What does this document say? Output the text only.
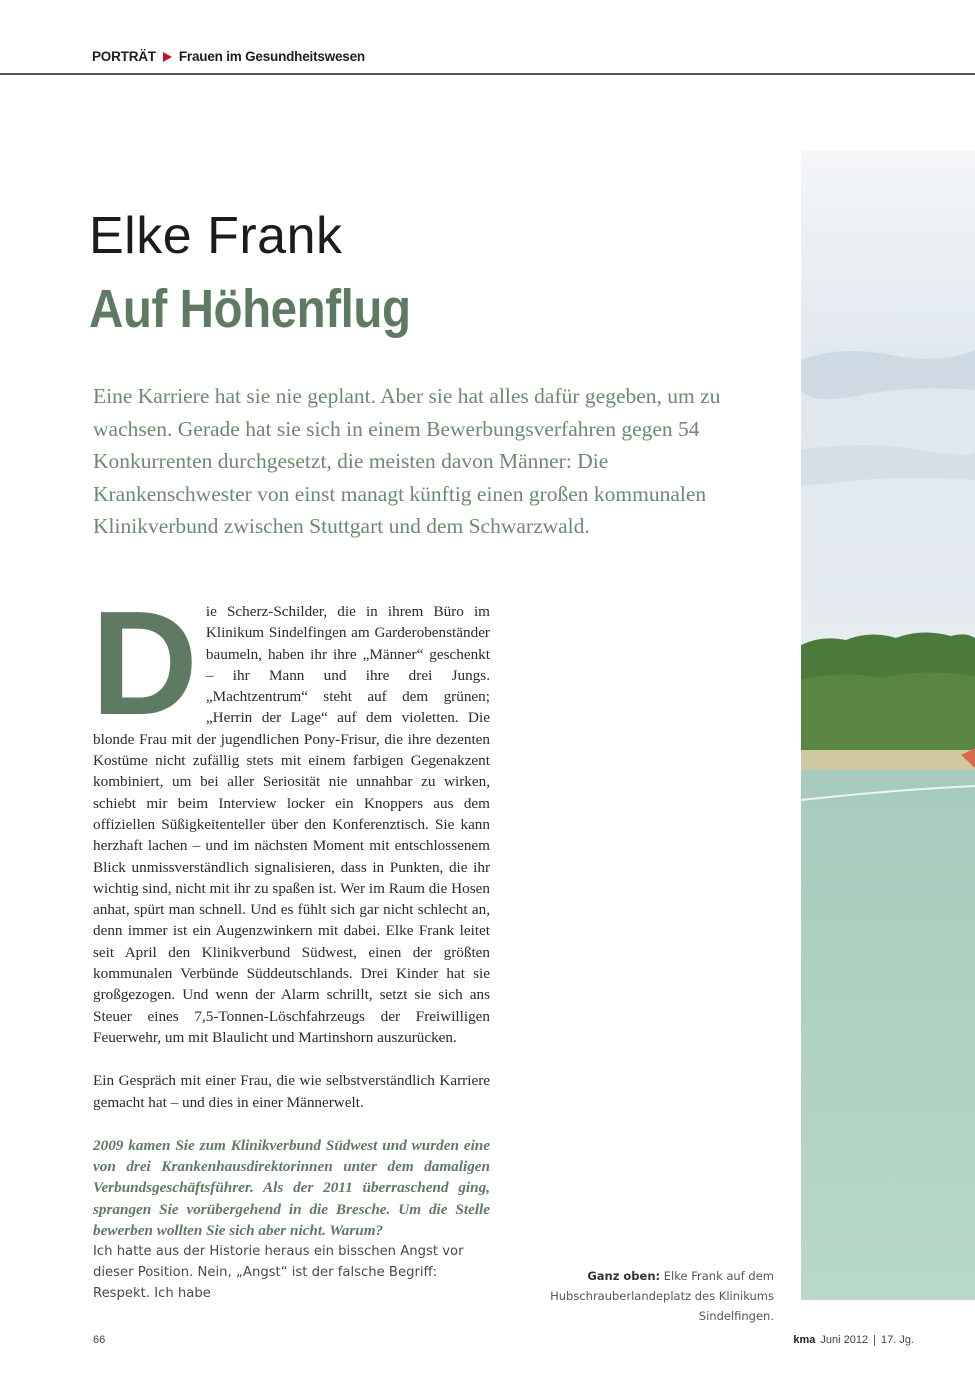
PORTRÄT Frauen im Gesundheitswesen
Elke Frank
Auf Höhenflug

Eine Karriere hat sie nie geplant. Aber sie hat alles dafür gegeben, um zu wachsen. Gerade hat sie sich in einem Bewerbungsverfahren gegen 54 Konkurrenten durchgesetzt, die meisten davon Männer: Die Krankenschwester von einst managt künftig einen großen kommunalen Klinikverbund zwischen Stuttgart und dem Schwarzwald.

Die Scherz-Schilder, die in ihrem Büro im Klinikum Sindelfingen am Garderobenständer baumeln, haben ihr ihre „Männer“ geschenkt – ihr Mann und ihre drei Jungs. „Machtzentrum“ steht auf dem grünen; „Herrin der Lage“ auf dem violetten. Die blonde Frau mit der jugendlichen Pony-Frisur, die ihre dezenten Kostüme nicht zufällig stets mit einem farbigen Gegenakzent kombiniert, um bei aller Seriosität nie unnahbar zu wirken, schiebt mir beim Interview locker ein Knoppers aus dem offiziellen Süßigkeitenteller über den Konferenztisch. Sie kann herzhaft lachen – und im nächsten Moment mit entschlossenem Blick unmissverständlich signalisieren, dass in Punkten, die ihr wichtig sind, nicht mit ihr zu spaßen ist. Wer im Raum die Hosen anhat, spürt man schnell. Und es fühlt sich gar nicht schlecht an, denn immer ist ein Augenzwinkern mit dabei. Elke Frank leitet seit April den Klinikverbund Südwest, einen der größten kommunalen Verbünde Süddeutschlands. Drei Kinder hat sie großgezogen. Und wenn der Alarm schrillt, setzt sie sich ans Steuer eines 7,5-Tonnen-Löschfahrzeugs der Freiwilligen Feuerwehr, um mit Blaulicht und Martinshorn auszurücken.

Ein Gespräch mit einer Frau, die wie selbstverständlich Karriere gemacht hat – und dies in einer Männerwelt.

2009 kamen Sie zum Klinikverbund Südwest und wurden eine von drei Krankenhausdirektorinnen unter dem damaligen Verbundsgeschäftsführer. Als der 2011 überraschend ging, sprangen Sie vorübergehend in die Bresche. Um die Stelle bewerben wollten Sie sich aber nicht. Warum?

Ich hatte aus der Historie heraus ein bisschen Angst vor dieser Position. Nein, „Angst“ ist der falsche Begriff: Respekt. Ich habe

Ganz oben: Elke Frank auf dem Hubschrauberlandeplatz des Klinikums Sindelfingen.
66	kma Juni 2012 | 17. Jg.
